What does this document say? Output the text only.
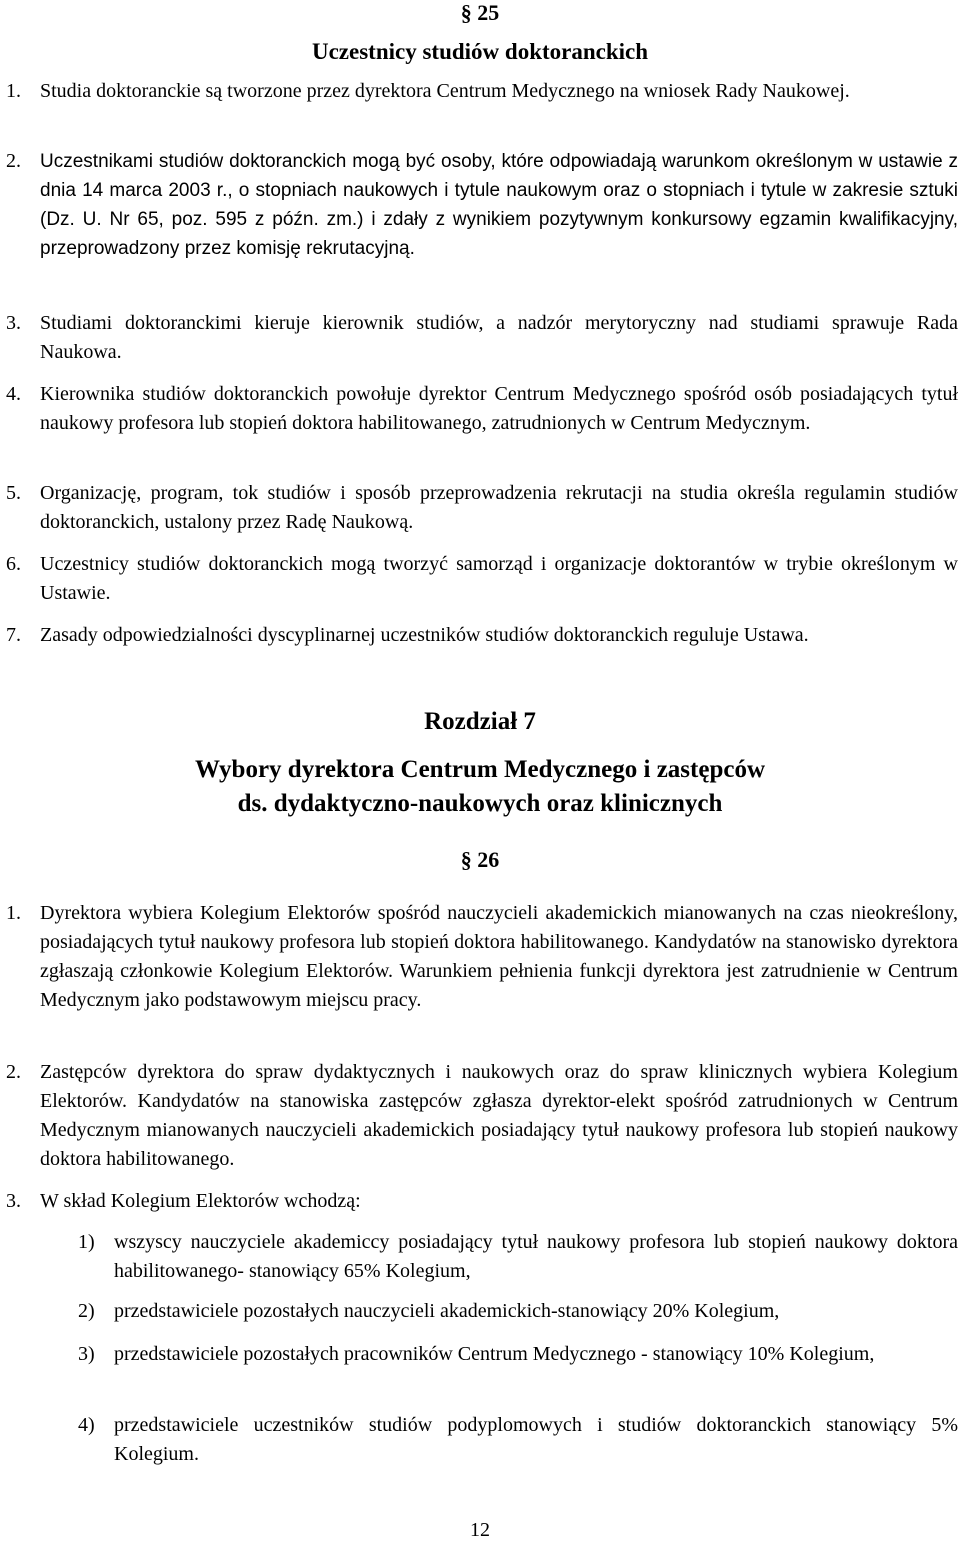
§ 25
Uczestnicy studiów doktoranckich
1. Studia doktoranckie są tworzone przez dyrektora Centrum Medycznego na wniosek Rady Naukowej.
2.	Uczestnikami studiów doktoranckich mogą być osoby, które odpowiadają warunkom określonym w ustawie z dnia 14 marca 2003 r., o stopniach naukowych i tytule naukowym oraz o stopniach i tytule w zakresie sztuki (Dz. U. Nr 65, poz. 595 z późn. zm.) i zdały z wynikiem pozytywnym konkursowy egzamin kwalifikacyjny, przeprowadzony przez komisję rekrutacyjną.
3. Studiami doktoranckimi kieruje kierownik studiów, a nadzór merytoryczny nad studiami sprawuje Rada Naukowa.
4. Kierownika studiów doktoranckich powołuje dyrektor Centrum Medycznego spośród osób posiadających tytuł naukowy profesora lub stopień doktora habilitowanego, zatrudnionych w Centrum Medycznym.
5. Organizację, program, tok studiów i sposób przeprowadzenia rekrutacji na studia określa regulamin studiów doktoranckich, ustalony przez Radę Naukową.
6. Uczestnicy studiów doktoranckich mogą tworzyć samorząd i organizacje doktorantów w trybie określonym w Ustawie.
7. Zasady odpowiedzialności dyscyplinarnej uczestników studiów doktoranckich reguluje Ustawa.
Rozdział 7
Wybory dyrektora Centrum Medycznego i zastępców
ds. dydaktyczno-naukowych oraz klinicznych
§ 26
1. Dyrektora wybiera Kolegium Elektorów spośród nauczycieli akademickich mianowanych na czas nieokreślony, posiadających tytuł naukowy profesora lub stopień doktora habilitowanego. Kandydatów na stanowisko dyrektora zgłaszają członkowie Kolegium Elektorów. Warunkiem pełnienia funkcji dyrektora jest zatrudnienie w Centrum Medycznym jako podstawowym miejscu pracy.
2. Zastępców dyrektora do spraw dydaktycznych i naukowych oraz do spraw klinicznych wybiera Kolegium Elektorów. Kandydatów na stanowiska zastępców zgłasza dyrektor-elekt spośród zatrudnionych w Centrum Medycznym mianowanych nauczycieli akademickich posiadający tytuł naukowy profesora lub stopień naukowy doktora habilitowanego.
3. W skład Kolegium Elektorów wchodzą:
1) wszyscy nauczyciele akademiccy posiadający tytuł naukowy profesora lub stopień naukowy doktora habilitowanego- stanowiący 65% Kolegium,
2) przedstawiciele pozostałych nauczycieli akademickich-stanowiący 20% Kolegium,
3) przedstawiciele pozostałych pracowników Centrum Medycznego - stanowiący 10% Kolegium,
4) przedstawiciele uczestników studiów podyplomowych i studiów doktoranckich stanowiący 5% Kolegium.
12
